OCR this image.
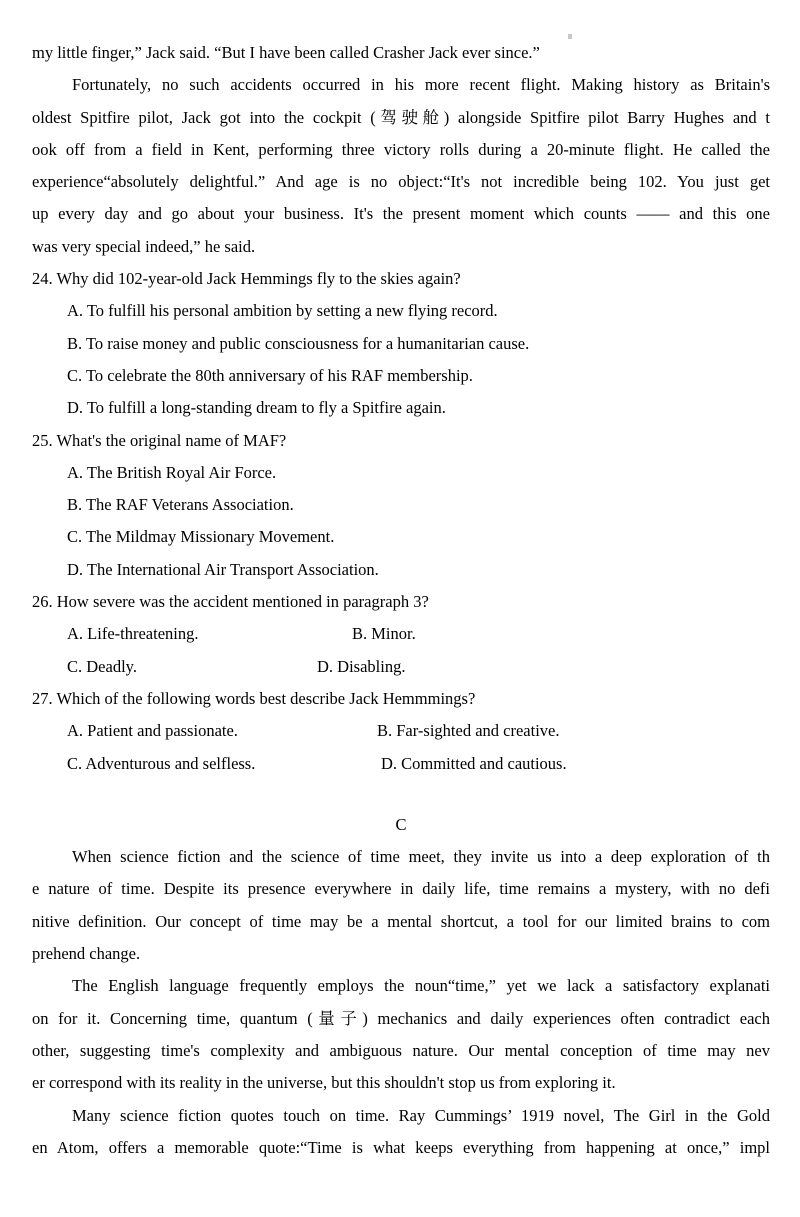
my little finger,” Jack said. “But I have been called Crasher Jack ever since.”
Fortunately, no such accidents occurred in his more recent flight. Making history as Britain's
oldest Spitfire pilot, Jack got into the cockpit (驾驶舱) alongside Spitfire pilot Barry Hughes and t
ook off from a field in Kent, performing three victory rolls during a 20-minute flight. He called the
experience“absolutely delightful.” And age is no object:“It's not incredible being 102. You just get
up every day and go about your business. It's the present moment which counts —— and this one
was very special indeed,” he said.
24. Why did 102-year-old Jack Hemmings fly to the skies again?
A. To fulfill his personal ambition by setting a new flying record.
B. To raise money and public consciousness for a humanitarian cause.
C. To celebrate the 80th anniversary of his RAF membership.
D. To fulfill a long-standing dream to fly a Spitfire again.
25. What's the original name of MAF?
A. The British Royal Air Force.
B. The RAF Veterans Association.
C. The Mildmay Missionary Movement.
D. The International Air Transport Association.
26. How severe was the accident mentioned in paragraph 3?
A. Life-threatening.	B. Minor.
C. Deadly.	D. Disabling.
27. Which of the following words best describe Jack Hemmmings?
A. Patient and passionate.	B. Far-sighted and creative.
C. Adventurous and selfless.	D. Committed and cautious.
C
When science fiction and the science of time meet, they invite us into a deep exploration of th
e nature of time. Despite its presence everywhere in daily life, time remains a mystery, with no defi
nitive definition. Our concept of time may be a mental shortcut, a tool for our limited brains to com
prehend change.
The English language frequently employs the noun“time,” yet we lack a satisfactory explanati
on for it. Concerning time, quantum (量子) mechanics and daily experiences often contradict each
other, suggesting time's complexity and ambiguous nature. Our mental conception of time may nev
er correspond with its reality in the universe, but this shouldn't stop us from exploring it.
Many science fiction quotes touch on time. Ray Cummings’ 1919 novel, The Girl in the Gold
en Atom, offers a memorable quote:“Time is what keeps everything from happening at once,” impl
